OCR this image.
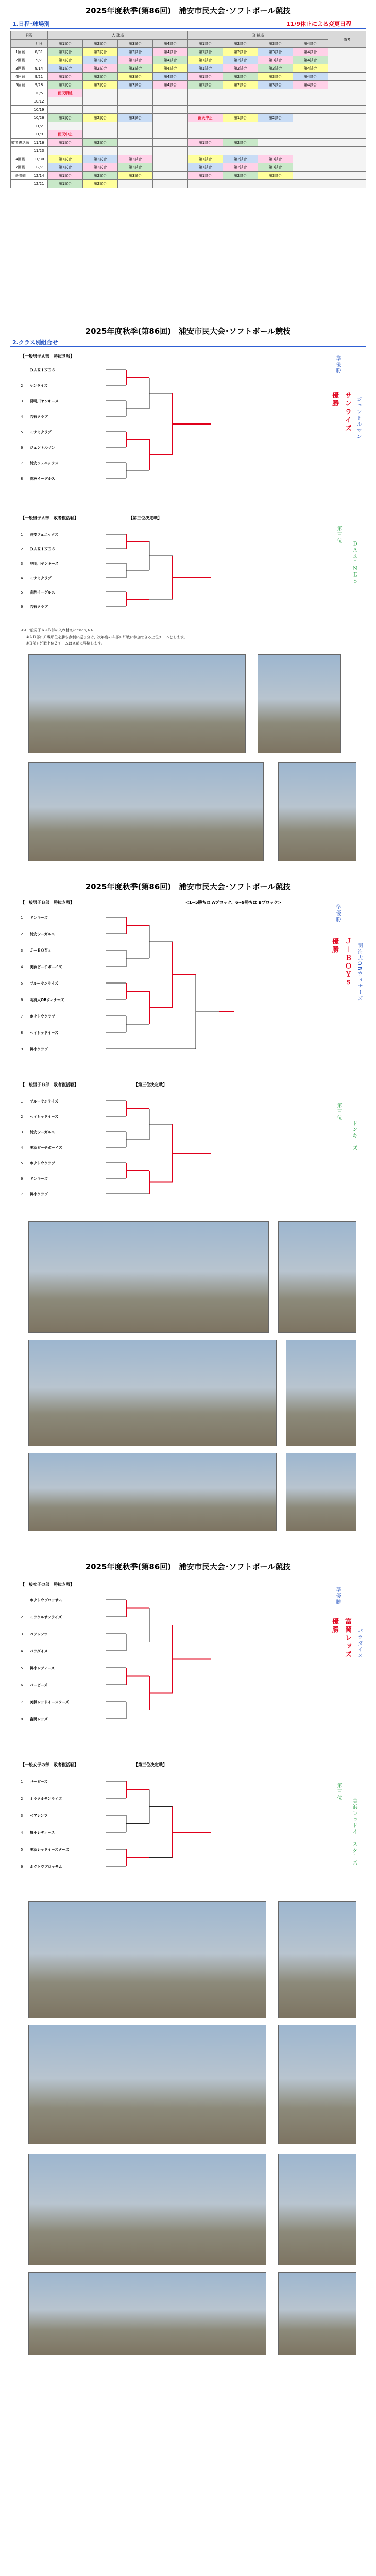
2025年度秋季(第86回)　浦安市民大会･ソフトボール競技
1.日程･球場別	11/9休止による変更日程
日程		Ａ 球場				Ｂ 球場				備考
	月日	第1試合	第2試合	第3試合	第4試合	第1試合	第2試合	第3試合	第4試合	
1回戦	8/31	第1試合	第2試合	第3試合	第4試合	第1試合	第2試合	第3試合	第4試合	
2回戦	9/7	第1試合	第2試合	第3試合	第4試合	第1試合	第2試合	第3試合	第4試合	
3回戦	9/14	第1試合	第2試合	第3試合	第4試合	第1試合	第2試合	第3試合	第4試合	
4回戦	9/21	第1試合	第2試合	第3試合	第4試合	第1試合	第2試合	第3試合	第4試合	
5回戦	9/28	第1試合	第2試合	第3試合	第4試合	第1試合	第2試合	第3試合	第4試合	
	10/5	雨天順延								
	10/12									
	10/19									
	10/26	第1試合	第2試合	第3試合		雨天中止	第1試合	第2試合		
	11/2									
	11/9	雨天中止								
敗者復活戦	11/16	第1試合	第2試合			第1試合	第2試合			
	11/23									
4回戦	11/30	第1試合	第2試合	第3試合		第1試合	第2試合	第3試合		
7回戦	12/7	第1試合	第2試合	第3試合		第1試合	第2試合	第3試合		
決勝戦	12/14	第1試合	第2試合	第3試合		第1試合	第2試合	第3試合		
	12/21	第1試合	第2試合							
2025年度秋季(第86回)　浦安市民大会･ソフトボール競技
2.クラス別組合せ
【一般男子Ａ部　勝抜き戦】
1 ＤＡＫＩＮＥＳ
2 サンライズ
3 見明川ヤンキース
4 若荷クラブ
5 ミナミクラブ
6 ジェントルマン
7 浦安フェニックス
8 高洲イーグルス
優勝 サンライズ
準優勝
ジェントルマン
【一般男子Ａ部　敗者復活戦】	【第三位決定戦】
1 浦安フェニックス
2 ＤＡＫＩＮＥＳ
3 見明川ヤンキース
4 ミナミクラブ
5 高洲イーグルス
6 若荷クラブ
第三位
ＤＡＫＩＮＥＳ
<<一般男子Ａ→Ｂ部の入れ替えについて>>
①ＡＢ部ﾘｰｸﾞ戦順位を勝ち点制に振り分け、次年度のＡ部ﾘｰｸﾞ戦に参加できる上位チームとします。
②Ｂ部ﾘｰｸﾞ戦上位２チームはＡ部に昇格します。
2025年度秋季(第86回)　浦安市民大会･ソフトボール競技
【一般男子Ｂ部　勝抜き戦】	<1~5勝ちは Aブロック、6~9勝ちは Bブロック>
1 ドンキーズ
2 浦安シーガルス
3 Ｊ－ＢＯＹｓ
4 美浜ビーチボーイズ
5 ブルーサンライズ
6 明海大OBウィナーズ
7 ホクトウクラブ
8 ヘイシッドイーズ
9 舞小クラブ
優勝 Ｊ－ＢＯＹｓ
準優勝
明海大OBウィナーズ
【一般男子Ｂ部　敗者復活戦】	【第三位決定戦】
1 ブルーサンライズ
2 ヘイシッドイーズ
3 浦安シーガルス
4 美浜ビーチボーイズ
5 ホクトウクラブ
6 ドンキーズ
7 舞小クラブ
第三位
ドンキーズ
2025年度秋季(第86回)　浦安市民大会･ソフトボール競技
【一般女子の部　勝抜き戦】
1 ホクトウブロッサム
2 ミラクルサンライズ
3 ペアレンツ
4 パラダイス
5 舞小レディース
6 バービーズ
7 美浜レッドイースターズ
8 富岡レッズ
優勝 富岡レッズ
準優勝
パラダイス
【一般女子の部　敗者復活戦】	【第三位決定戦】
1 バービーズ
2 ミラクルサンライズ
3 ペアレンツ
4 舞小レディース
5 美浜レッドイースターズ
6 ホクトウブロッサム
第三位
美浜レッドイースターズ
